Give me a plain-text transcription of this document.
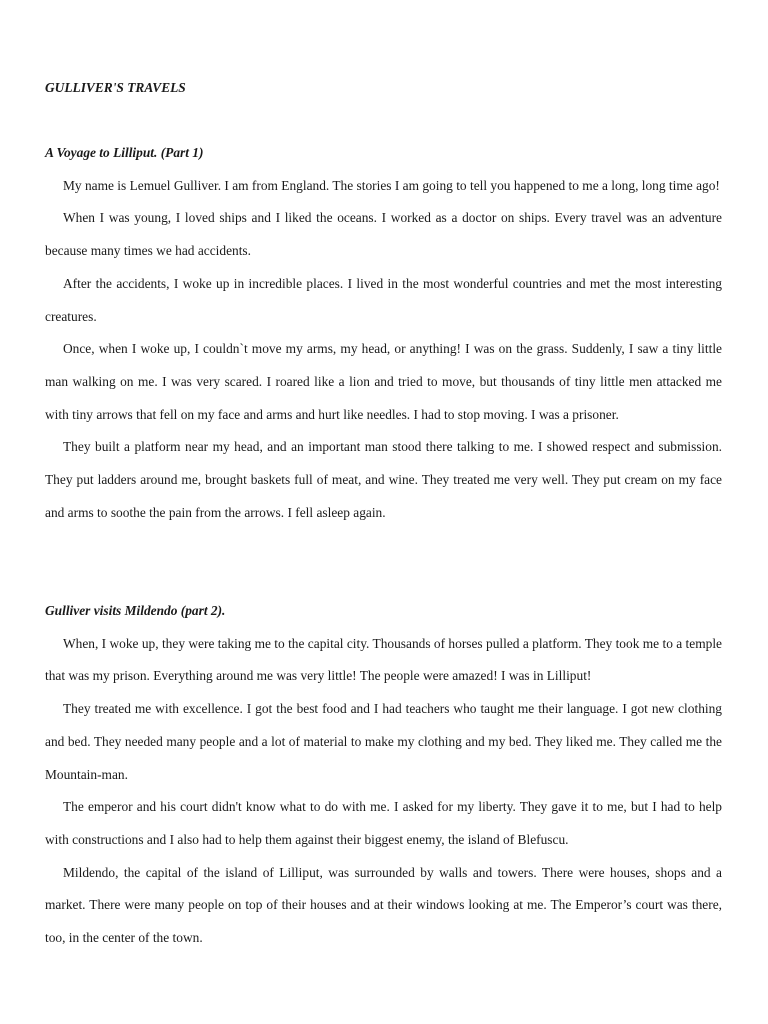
GULLIVER'S TRAVELS
A Voyage to Lilliput. (Part 1)

My name is Lemuel Gulliver. I am from England. The stories I am going to tell you happened to me a long, long time ago!

When I was young, I loved ships and I liked the oceans. I worked as a doctor on ships. Every travel was an adventure because many times we had accidents.

After the accidents, I woke up in incredible places. I lived in the most wonderful countries and met the most interesting creatures.

Once, when I woke up, I couldn`t move my arms, my head, or anything! I was on the grass. Suddenly, I saw a tiny little man walking on me. I was very scared. I roared like a lion and tried to move, but thousands of tiny little men attacked me with tiny arrows that fell on my face and arms and hurt like needles. I had to stop moving. I was a prisoner.

They built a platform near my head, and an important man stood there talking to me. I showed respect and submission. They put ladders around me, brought baskets full of meat, and wine. They treated me very well. They put cream on my face and arms to soothe the pain from the arrows. I fell asleep again.

Gulliver visits Mildendo (part 2).

When, I woke up, they were taking me to the capital city. Thousands of horses pulled a platform. They took me to a temple that was my prison. Everything around me was very little! The people were amazed! I was in Lilliput!

They treated me with excellence. I got the best food and I had teachers who taught me their language. I got new clothing and bed. They needed many people and a lot of material to make my clothing and my bed. They liked me. They called me the Mountain-man.

The emperor and his court didn't know what to do with me. I asked for my liberty. They gave it to me, but I had to help with constructions and I also had to help them against their biggest enemy, the island of Blefuscu.

Mildendo, the capital of the island of Lilliput, was surrounded by walls and towers. There were houses, shops and a market. There were many people on top of their houses and at their windows looking at me. The Emperor’s court was there, too, in the center of the town.
